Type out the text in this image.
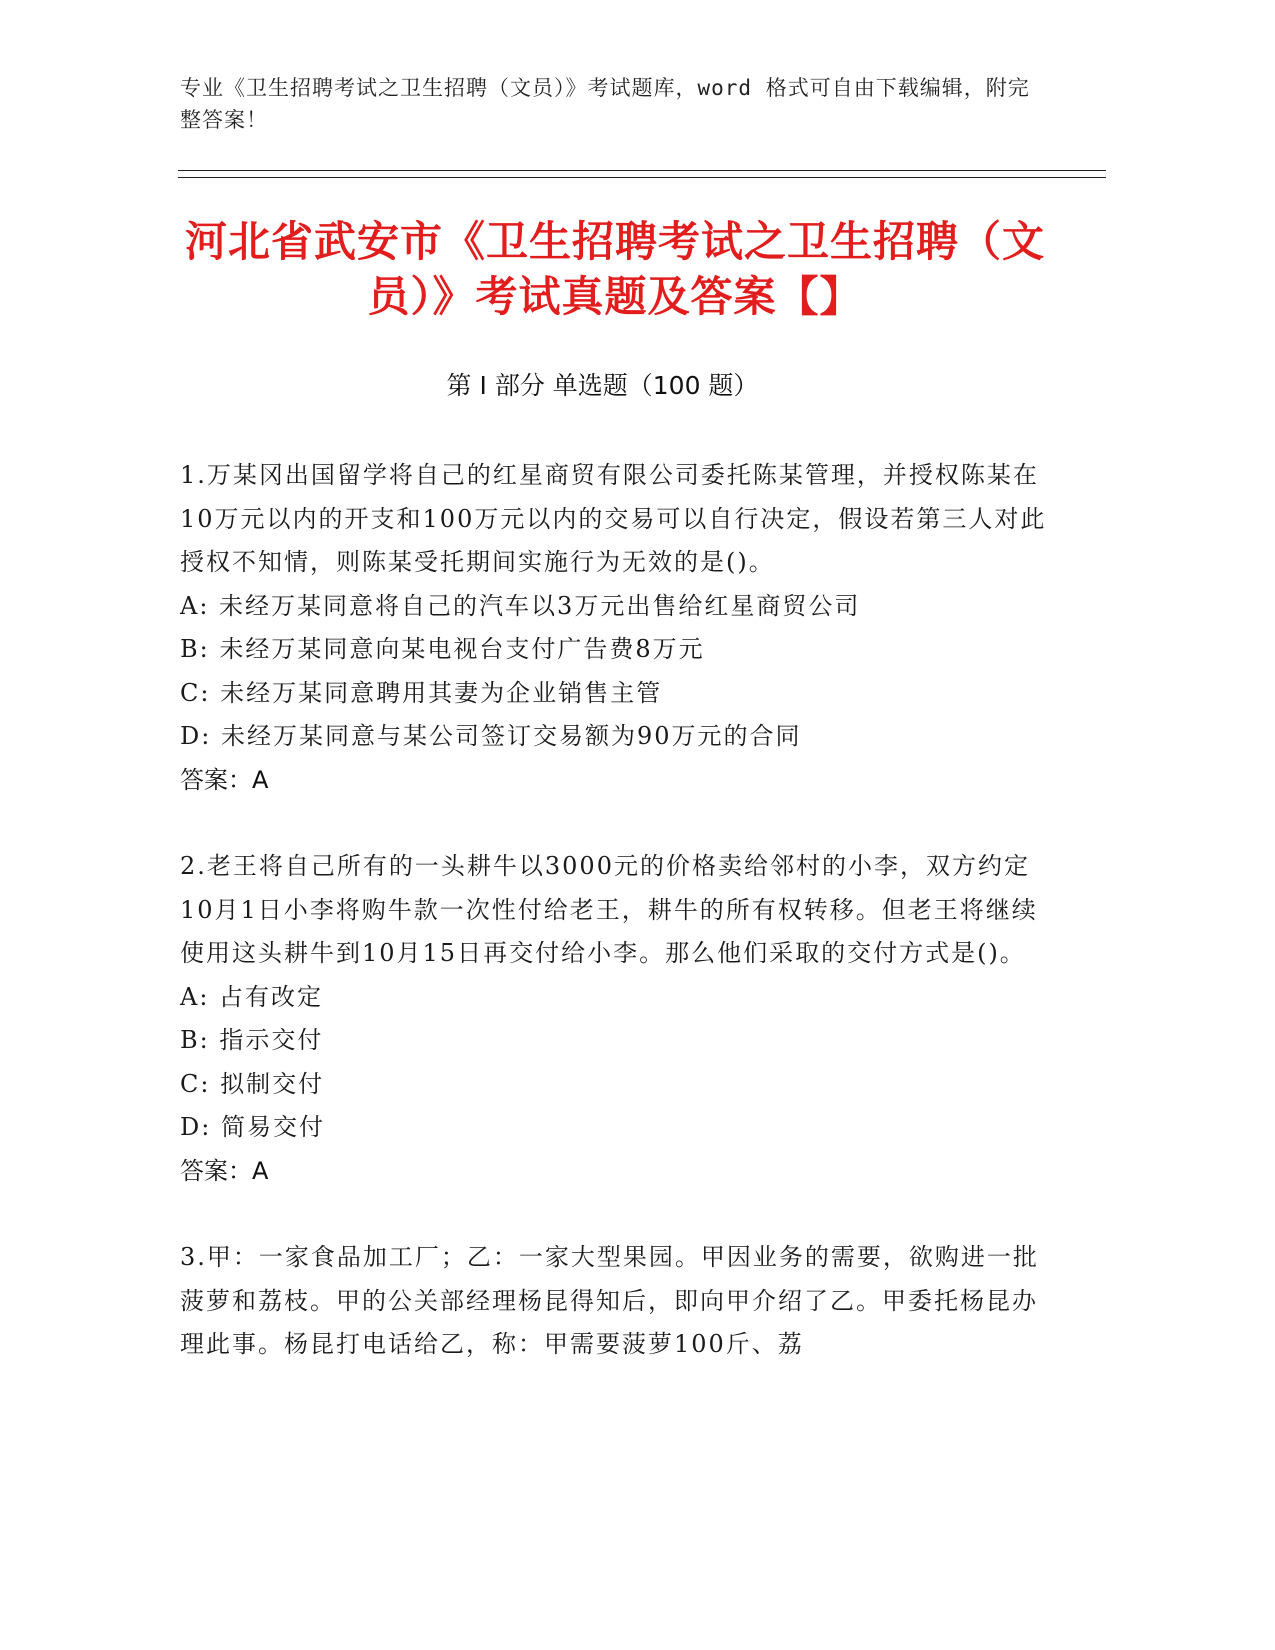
专业《卫生招聘考试之卫生招聘（文员）》考试题库，word 格式可自由下载编辑，附完整答案！
河北省武安市《卫生招聘考试之卫生招聘（文员）》考试真题及答案【】
第 I 部分 单选题（100 题）
1.万某冈出国留学将自己的红星商贸有限公司委托陈某管理，并授权陈某在10万元以内的开支和100万元以内的交易可以自行决定，假设若第三人对此授权不知情，则陈某受托期间实施行为无效的是()。
A: 未经万某同意将自己的汽车以3万元出售给红星商贸公司
B: 未经万某同意向某电视台支付广告费8万元
C: 未经万某同意聘用其妻为企业销售主管
D: 未经万某同意与某公司签订交易额为90万元的合同
答案：A
2.老王将自己所有的一头耕牛以3000元的价格卖给邻村的小李，双方约定10月1日小李将购牛款一次性付给老王，耕牛的所有权转移。但老王将继续使用这头耕牛到10月15日再交付给小李。那么他们采取的交付方式是()。
A: 占有改定
B: 指示交付
C: 拟制交付
D: 简易交付
答案：A
3.甲：一家食品加工厂；乙：一家大型果园。甲因业务的需要，欲购进一批菠萝和荔枝。甲的公关部经理杨昆得知后，即向甲介绍了乙。甲委托杨昆办理此事。杨昆打电话给乙，称：甲需要菠萝100斤、荔
